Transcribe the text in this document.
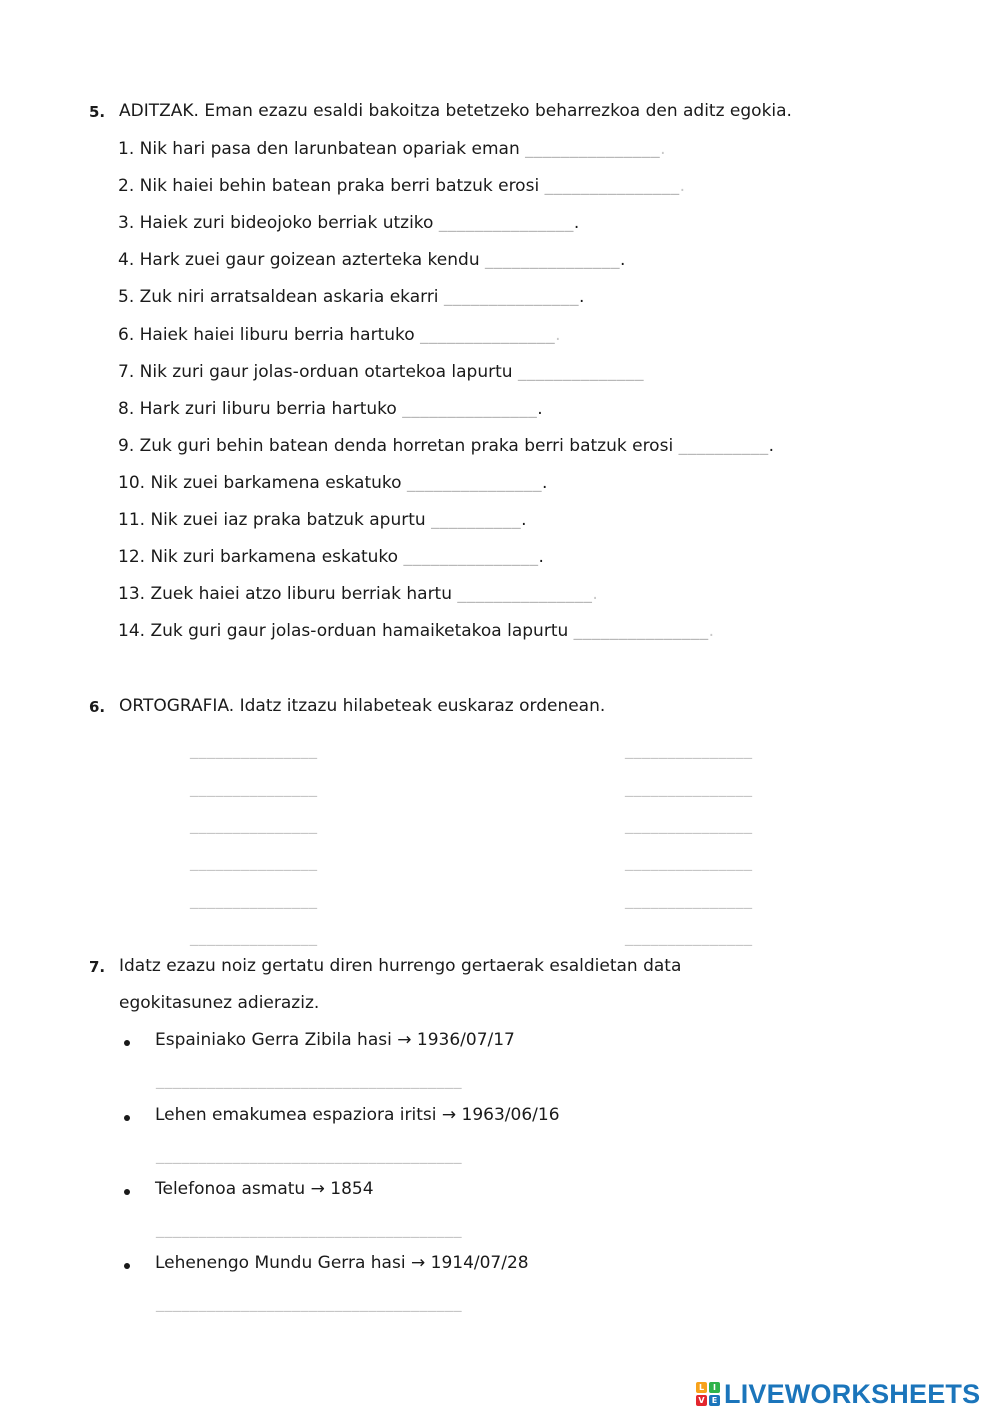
5. ADITZAK. Eman ezazu esaldi bakoitza betetzeko beharrezkoa den aditz egokia.
1. Nik hari pasa den larunbatean opariak eman _______________.
2. Nik haiei behin batean praka berri batzuk erosi _______________.
3. Haiek zuri bideojoko berriak utziko _______________.
4. Hark zuei gaur goizean azterteka kendu _______________.
5. Zuk niri arratsaldean askaria ekarri _______________.
6. Haiek haiei liburu berria hartuko _______________.
7. Nik zuri gaur jolas-orduan otartekoa lapurtu ______________
8. Hark zuri liburu berria hartuko _______________.
9. Zuk guri behin batean denda horretan praka berri batzuk erosi __________.
10. Nik zuei barkamena eskatuko _______________.
11. Nik zuei iaz praka batzuk apurtu __________.
12. Nik zuri barkamena eskatuko _______________.
13. Zuek haiei atzo liburu berriak hartu _______________.
14. Zuk guri gaur jolas-orduan hamaiketakoa lapurtu _______________.
6. ORTOGRAFIA. Idatz itzazu hilabeteak euskaraz ordenean.
_______________
_______________
_______________
_______________
_______________
_______________
_______________
_______________
_______________
_______________
_______________
_______________
7. Idatz ezazu noiz gertatu diren hurrengo gertaerak esaldietan data
egokitasunez adieraziz.
Espainiako Gerra Zibila hasi → 1936/07/17
____________________________________
Lehen emakumea espaziora iritsi → 1963/06/16
____________________________________
Telefonoa asmatu → 1854
____________________________________
Lehenengo Mundu Gerra hasi → 1914/07/28
____________________________________
L	I
V E LIVEWORKSHEETS
